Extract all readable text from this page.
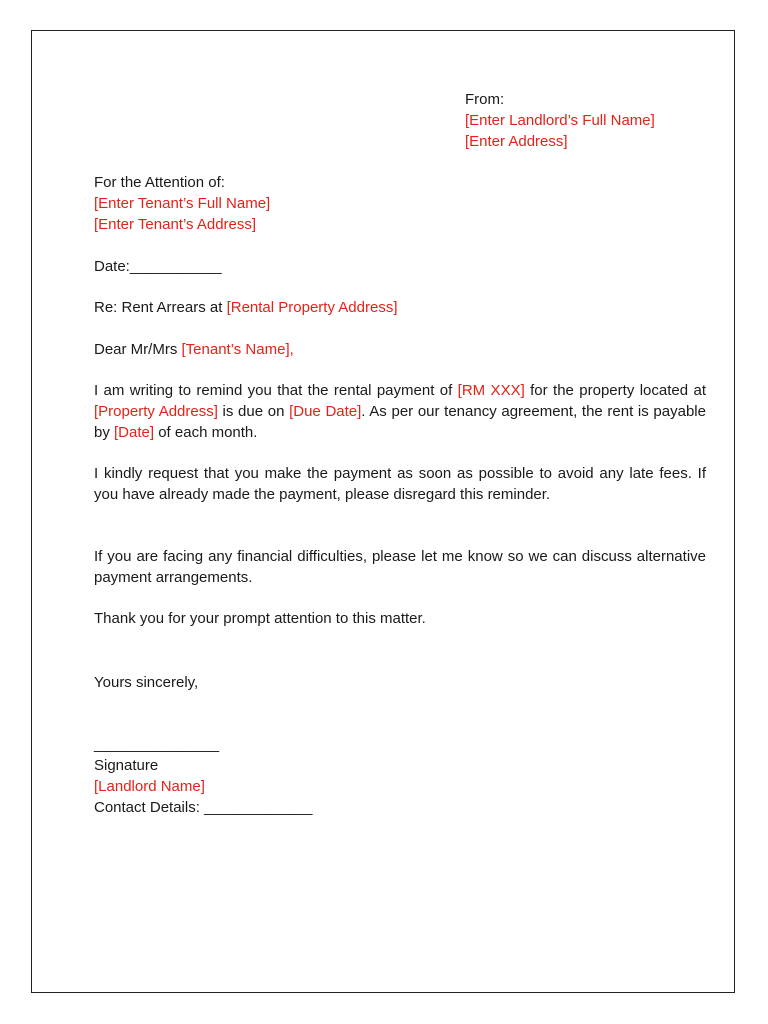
From:
[Enter Landlord’s Full Name]
[Enter Address]
For the Attention of:
[Enter Tenant’s Full Name]
[Enter Tenant’s Address]
Date:___________
Re: Rent Arrears at [Rental Property Address]
Dear Mr/Mrs [Tenant’s Name],

I am writing to remind you that the rental payment of [RM XXX] for the property located at [Property Address] is due on [Due Date]. As per our tenancy agreement, the rent is payable by [Date] of each month.

I kindly request that you make the payment as soon as possible to avoid any late fees. If you have already made the payment, please disregard this reminder.

If you are facing any financial difficulties, please let me know so we can discuss alternative payment arrangements.

Thank you for your prompt attention to this matter.

Yours sincerely,
_______________
Signature
[Landlord Name]
Contact Details: _____________
